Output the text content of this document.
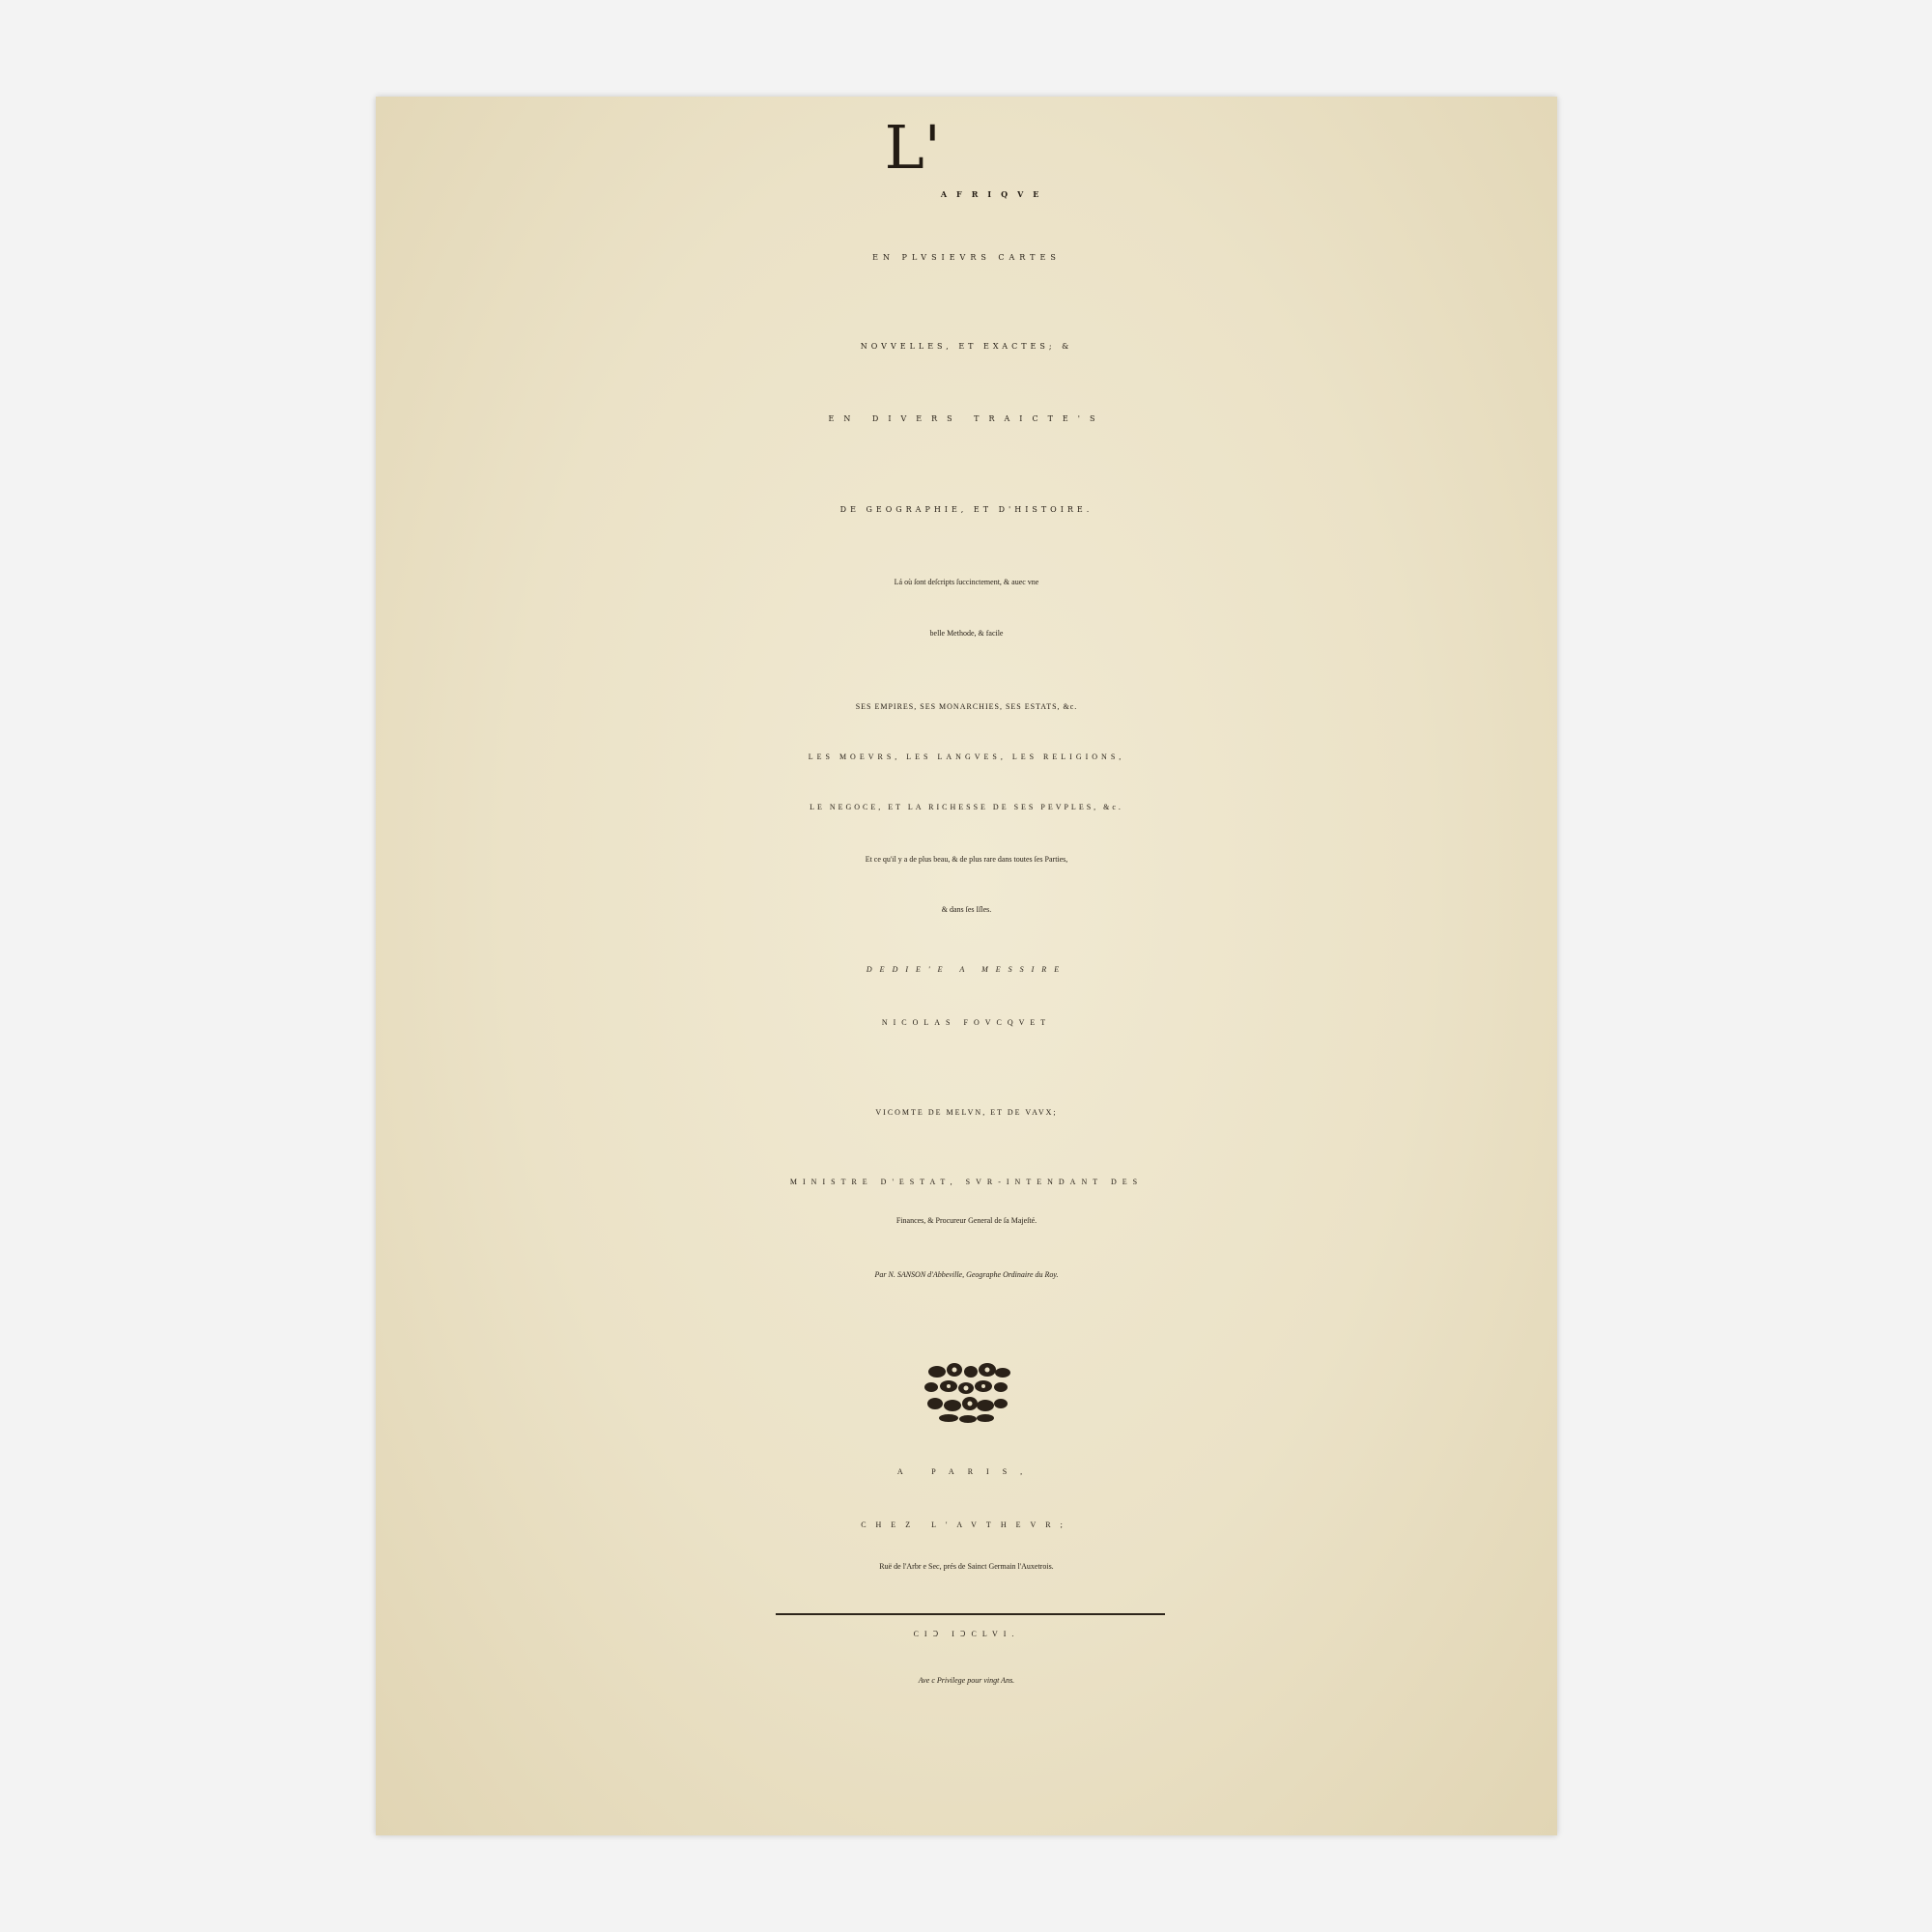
L'AFRIQVE
EN PLVSIEVRS CARTES
NOVVELLES, ET EXACTES; &
EN DIVERS TRAICTE'S
DE GEOGRAPHIE, ET D'HISTOIRE.
Lá où ſont deſcripts ſuccinctement, & auec vne
belle Methode, & facile
SES EMPIRES, SES MONARCHIES, SES ESTATS, &c.
LES MOEVRS, LES LANGVES, LES RELIGIONS,
LE NEGOCE, ET LA RICHESSE DE SES PEVPLES, &c.
Et ce qu'il y a de plus beau, & de plus rare dans toutes ſes Parties,
& dans ſes Iſles.
DEDIE'E A MESSIRE
NICOLAS FOVCQVET
VICOMTE DE MELVN, ET DE VAVX;
MINISTRE D'ESTAT, SVR-INTENDANT DES
Finances, & Procureur General de ſa Majeſté.
Par N. SANSON d'Abbeville, Geographe Ordinaire du Roy.
A PARIS,
CHEZ L'AVTHEVR;
Ruë de l'Arbr e Sec, prés de Sainct Germain l'Auxetrois.
CIↃ IↃCLVI.
Ave c Privilege pour vingt Ans.
